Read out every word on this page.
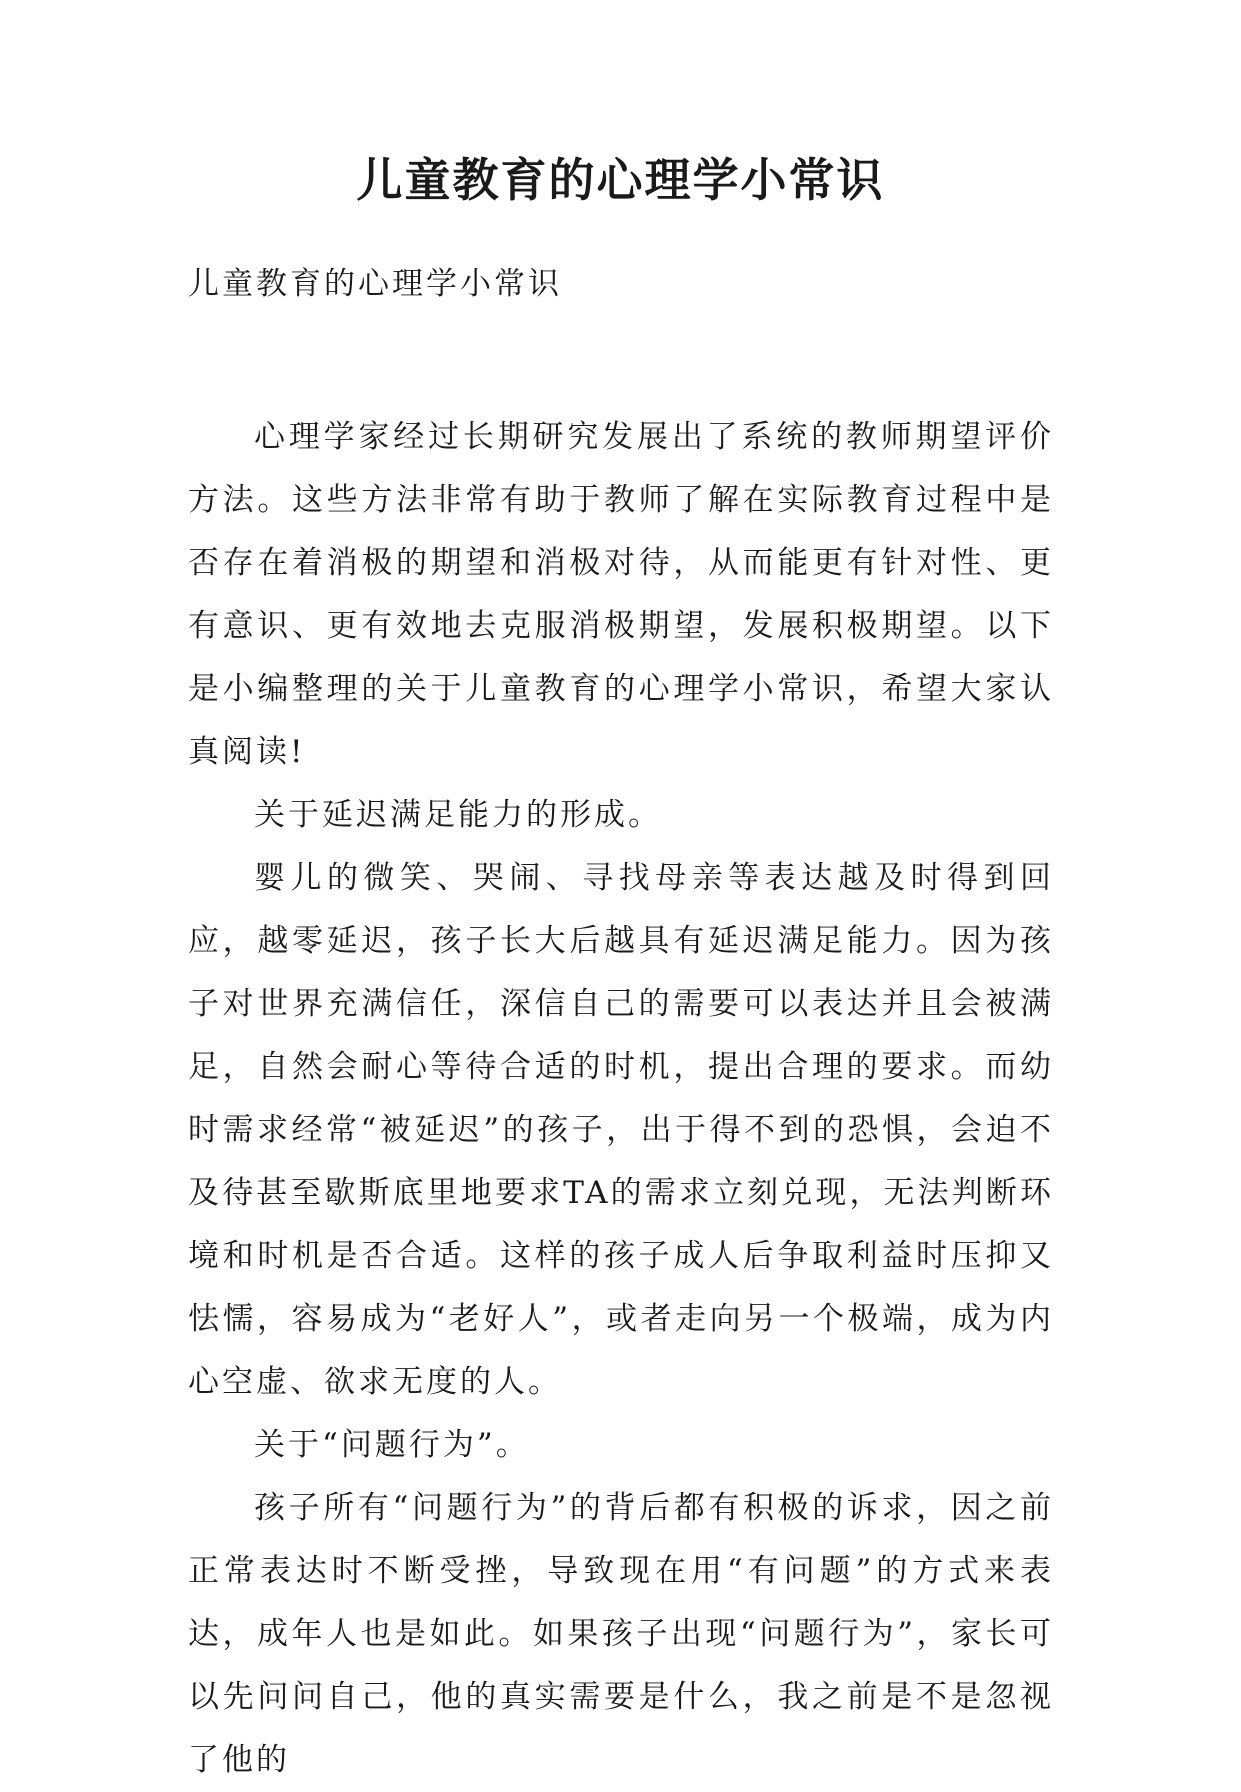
儿童教育的心理学小常识

儿童教育的心理学小常识

心理学家经过长期研究发展出了系统的教师期望评价方法。这些方法非常有助于教师了解在实际教育过程中是否存在着消极的期望和消极对待，从而能更有针对性、更有意识、更有效地去克服消极期望，发展积极期望。以下是小编整理的关于儿童教育的心理学小常识，希望大家认真阅读!

关于延迟满足能力的形成。

婴儿的微笑、哭闹、寻找母亲等表达越及时得到回应，越零延迟，孩子长大后越具有延迟满足能力。因为孩子对世界充满信任，深信自己的需要可以表达并且会被满足，自然会耐心等待合适的时机，提出合理的要求。而幼时需求经常“被延迟”的孩子，出于得不到的恐惧，会迫不及待甚至歇斯底里地要求TA的需求立刻兑现，无法判断环境和时机是否合适。这样的孩子成人后争取利益时压抑又怯懦，容易成为“老好人”，或者走向另一个极端，成为内心空虚、欲求无度的人。

关于“问题行为”。

孩子所有“问题行为”的背后都有积极的诉求，因之前正常表达时不断受挫，导致现在用“有问题”的方式来表达，成年人也是如此。如果孩子出现“问题行为”，家长可以先问问自己，他的真实需要是什么，我之前是不是忽视了他的
